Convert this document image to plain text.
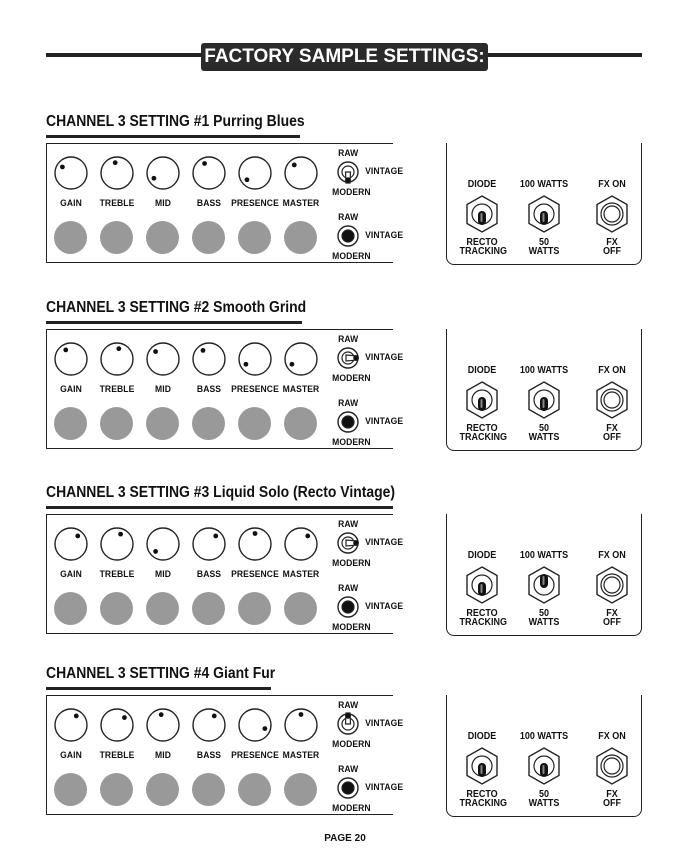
FACTORY SAMPLE SETTINGS:
CHANNEL 3 SETTING #1 Purring Blues
GAIN	TREBLE	MID	BASS	PRESENCE MASTER
RAW
VINTAGE
MODERN
RAW
VINTAGE
MODERN
DIODE	100 WATTS	FX ON
RECTO
TRACKING
50
WATTS
FX
OFF
CHANNEL 3 SETTING #2 Smooth Grind
GAIN	TREBLE	MID	BASS	PRESENCE MASTER
RAW
VINTAGE
MODERN
RAW
VINTAGE
MODERN
DIODE	100 WATTS	FX ON
RECTO
TRACKING
50
WATTS
FX
OFF
CHANNEL 3 SETTING #3 Liquid Solo (Recto Vintage)
GAIN	TREBLE	MID	BASS	PRESENCE MASTER
RAW
VINTAGE
MODERN
RAW
VINTAGE
MODERN
DIODE	100 WATTS	FX ON
RECTO
TRACKING
50
WATTS
FX
OFF
CHANNEL 3 SETTING #4 Giant Fur
GAIN	TREBLE	MID	BASS	PRESENCE MASTER
RAW
VINTAGE
MODERN
RAW
VINTAGE
MODERN
DIODE	100 WATTS	FX ON
RECTO
TRACKING
50
WATTS
FX
OFF
PAGE 20
